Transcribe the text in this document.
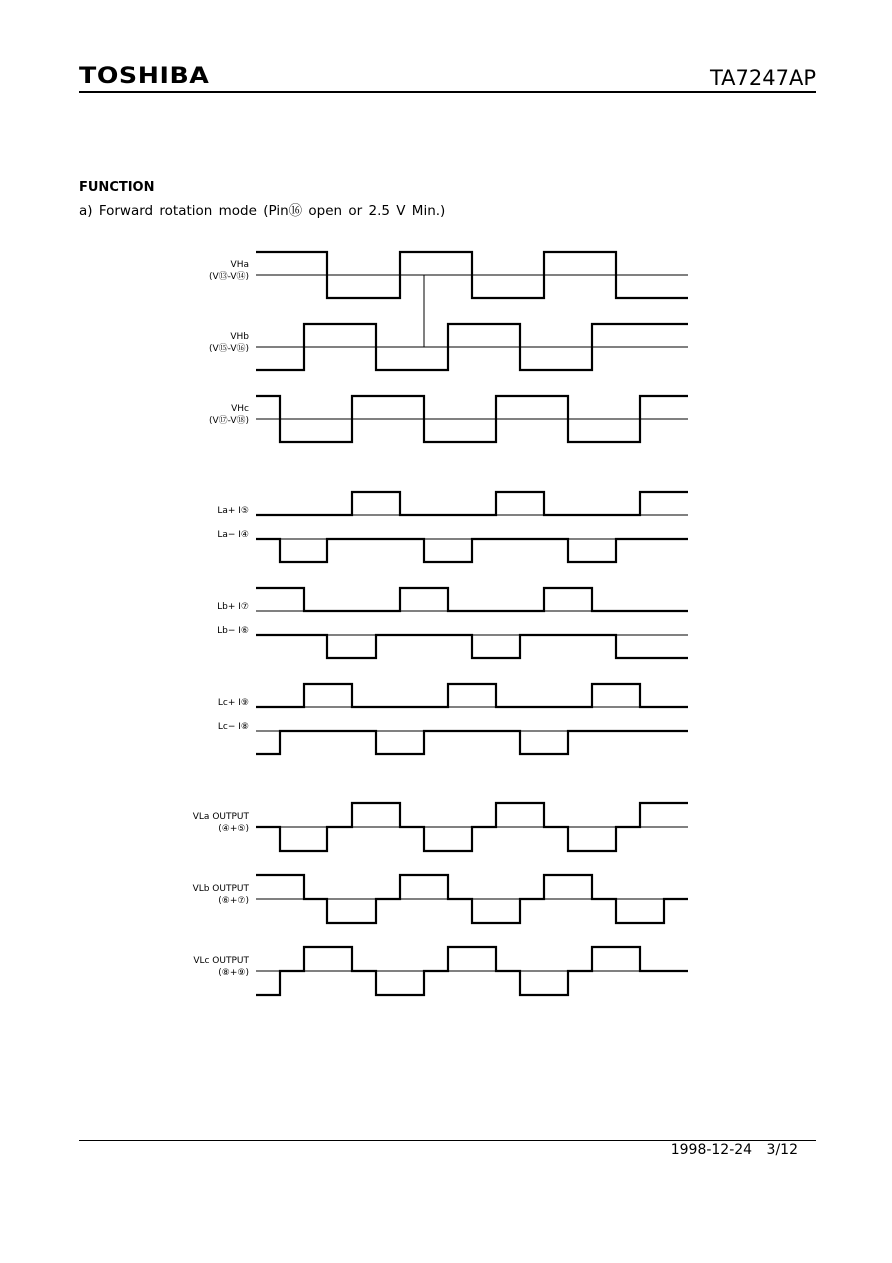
TOSHIBA	TA7247AP
FUNCTION
a) Forward rotation mode (Pin⑯ open or 2.5 V Min.)
VHa
(V⑬-V⑭)
VHb
(V⑮-V⑯)
VHc
(V⑰-V⑱)
La+ I⑤
La− I④
Lb+ I⑦
Lb− I⑥
Lc+ I⑨
Lc− I⑧
VLa OUTPUT
(④+⑤)
VLb OUTPUT
(⑥+⑦)
VLc OUTPUT
(⑧+⑨)
1998-12-24 3/12
